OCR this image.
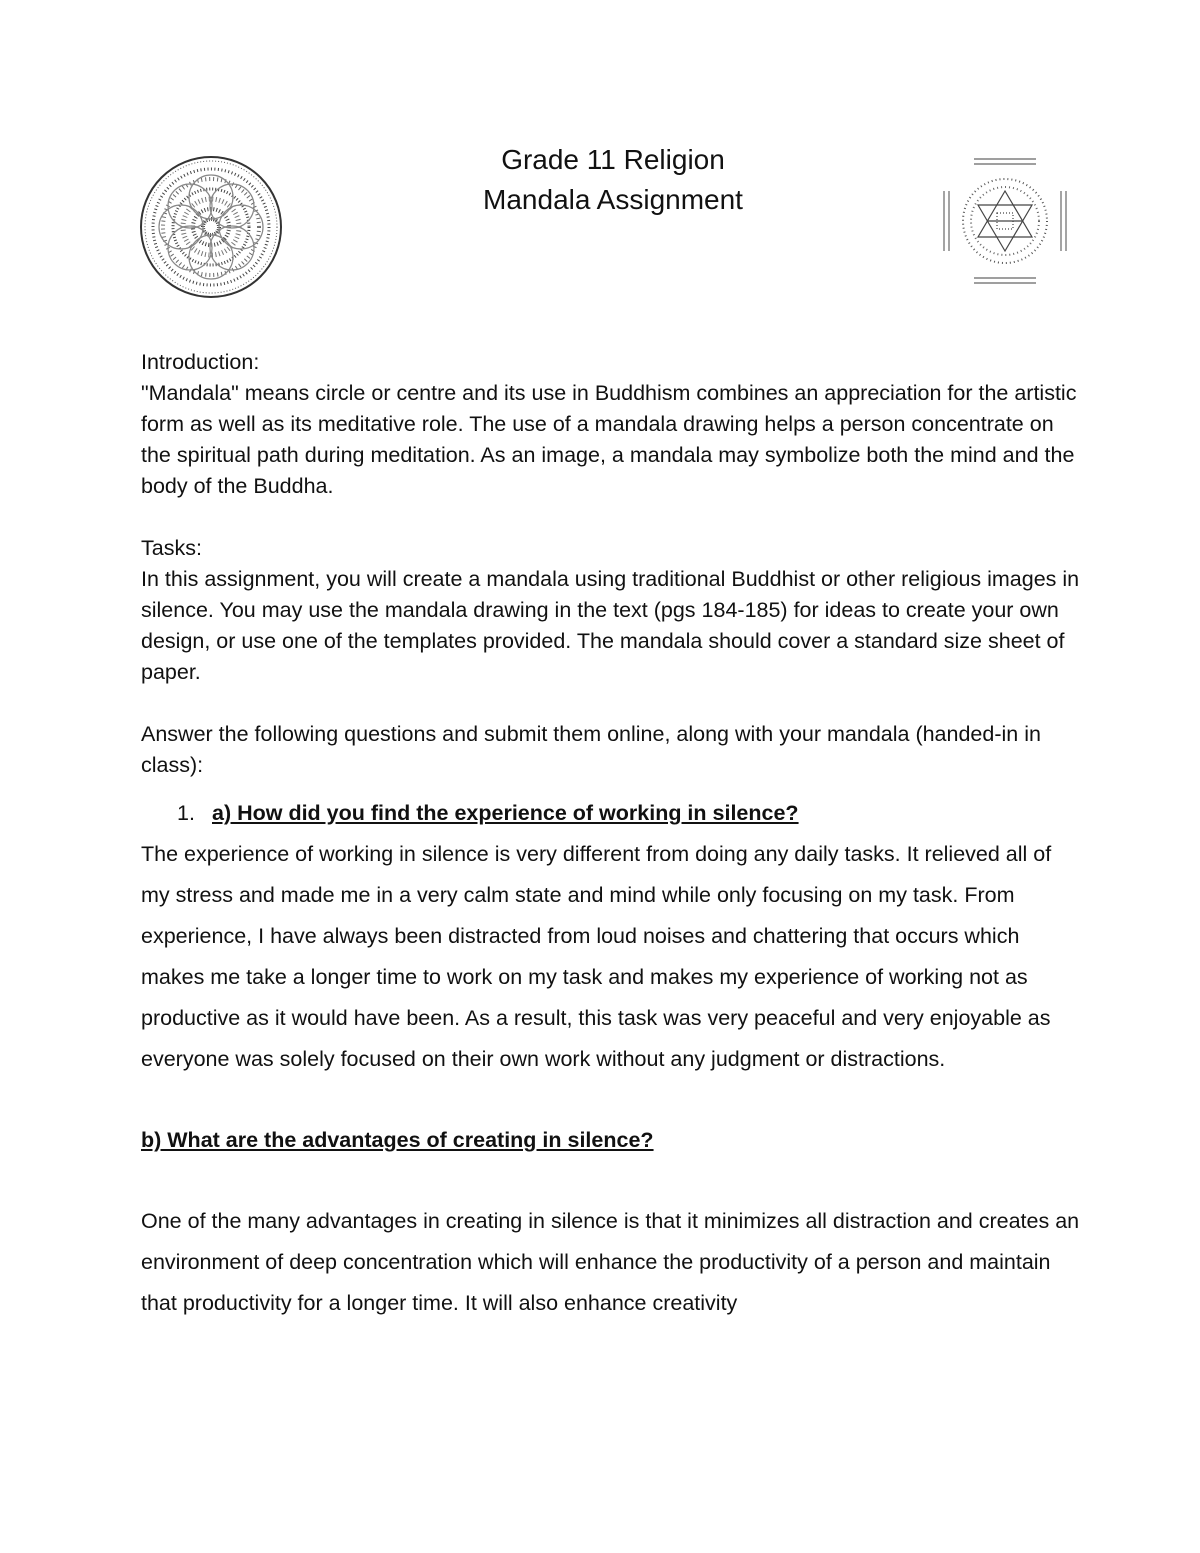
Grade 11 Religion

Mandala Assignment

Introduction:

"Mandala" means circle or centre and its use in Buddhism combines an appreciation for the artistic form as well as its meditative role. The use of a mandala drawing helps a person concentrate on the spiritual path during meditation. As an image, a mandala may symbolize both the mind and the body of the Buddha.

Tasks:

In this assignment, you will create a mandala using traditional Buddhist or other religious images in silence. You may use the mandala drawing in the text (pgs 184-185) for ideas to create your own design, or use one of the templates provided. The mandala should cover a standard size sheet of paper.

Answer the following questions and submit them online, along with your mandala (handed-in in class):

1. a) How did you find the experience of working in silence?

The experience of working in silence is very different from doing any daily tasks. It relieved all of my stress and made me in a very calm state and mind while only focusing on my task. From experience, I have always been distracted from loud noises and chattering that occurs which makes me take a longer time to work on my task and makes my experience of working not as productive as it would have been. As a result, this task was very peaceful and very enjoyable as everyone was solely focused on their own work without any judgment or distractions.

b) What are the advantages of creating in silence?

One of the many advantages in creating in silence is that it minimizes all distraction and creates an environment of deep concentration which will enhance the productivity of a person and maintain that productivity for a longer time. It will also enhance creativity
